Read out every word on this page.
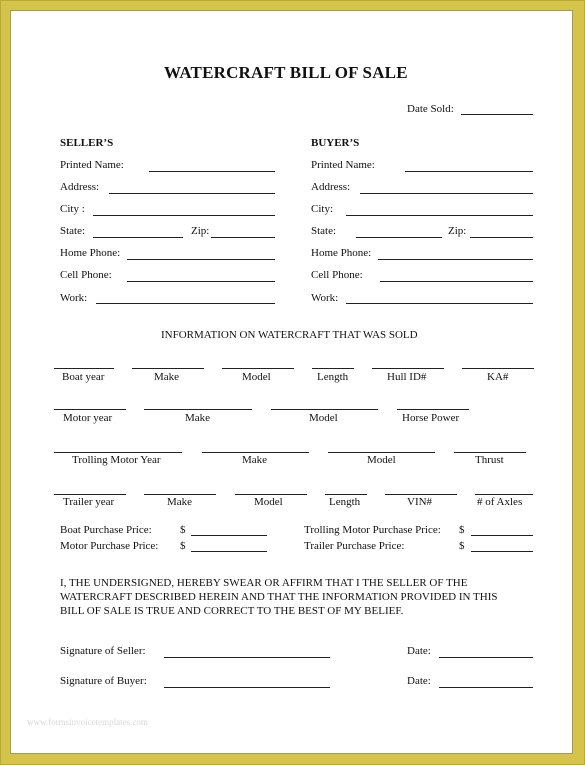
WATERCRAFT BILL OF SALE
Date Sold:
SELLER’S
Printed Name:
Address:
City :
State:	Zip:
Home Phone:
Cell Phone:
Work:
BUYER’S
Printed Name:
Address:
City:
State:	Zip:
Home Phone:
Cell Phone:
Work:
INFORMATION ON WATERCRAFT THAT WAS SOLD
Boat year	Make	Model	Length	Hull ID#	KA#
Motor year	Make	Model	Horse Power
Trolling Motor Year	Make	Model	Thrust
Trailer year	Make	Model	Length	VIN#	# of Axles
Boat Purchase Price:	$
Motor Purchase Price: $
Trolling Motor Purchase Price: $
Trailer Purchase Price:	$
I, THE UNDERSIGNED, HEREBY SWEAR OR AFFIRM THAT I THE SELLER OF THE
WATERCRAFT DESCRIBED HEREIN AND THAT THE INFORMATION PROVIDED IN THIS
BILL OF SALE IS TRUE AND CORRECT TO THE BEST OF MY BELIEF.
Signature of Seller:	Date:
Signature of Buyer:	Date:
www.formsinvoicetemplates.com
